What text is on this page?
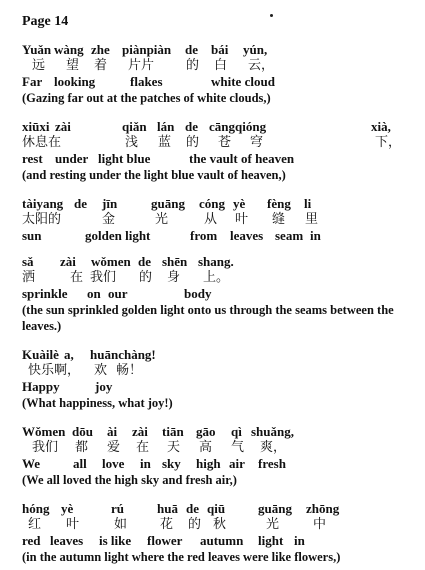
Page 14
Yuǎn wàng zhe piànpiàn de bái yún,
远 望 着 片片 的 白 云，
Far looking	flakes	white cloud
(Gazing far out at the patches of white clouds,)
xiūxi zài	qiǎn lán de cāngqióng	xià,
休息在	浅 蓝 的 苍 穹	下，
rest under light blue	the vault of heaven
(and resting under the light blue vault of heaven,)
tàiyang de jīn	guāng cóng yè fèng li
太阳的	金	光	从 叶 缝 里
sun	golden light	from leaves seam in
sǎ zài wǒmen de shēn shang.
洒	在 我们 的 身 上。
sprinkle on our	body
(the sun sprinkled golden light onto us through the seams between the leaves.)
Kuàilè a, huānchàng!
快乐啊， 欢 畅！
Happy	joy
(What happiness, what joy!)
Wǒmen dōu ài zài tiān gāo qì shuǎng,
我们 都 爱 在 天 高 气 爽，
We	all love in sky high air fresh
(We all loved the high sky and fresh air,)
hóng yè	rú	huā de qiū	guāng zhōng
红 叶	如	花 的 秋	光	中
red leaves is like flower autumn light in
(in the autumn light where the red leaves were like flowers,)
